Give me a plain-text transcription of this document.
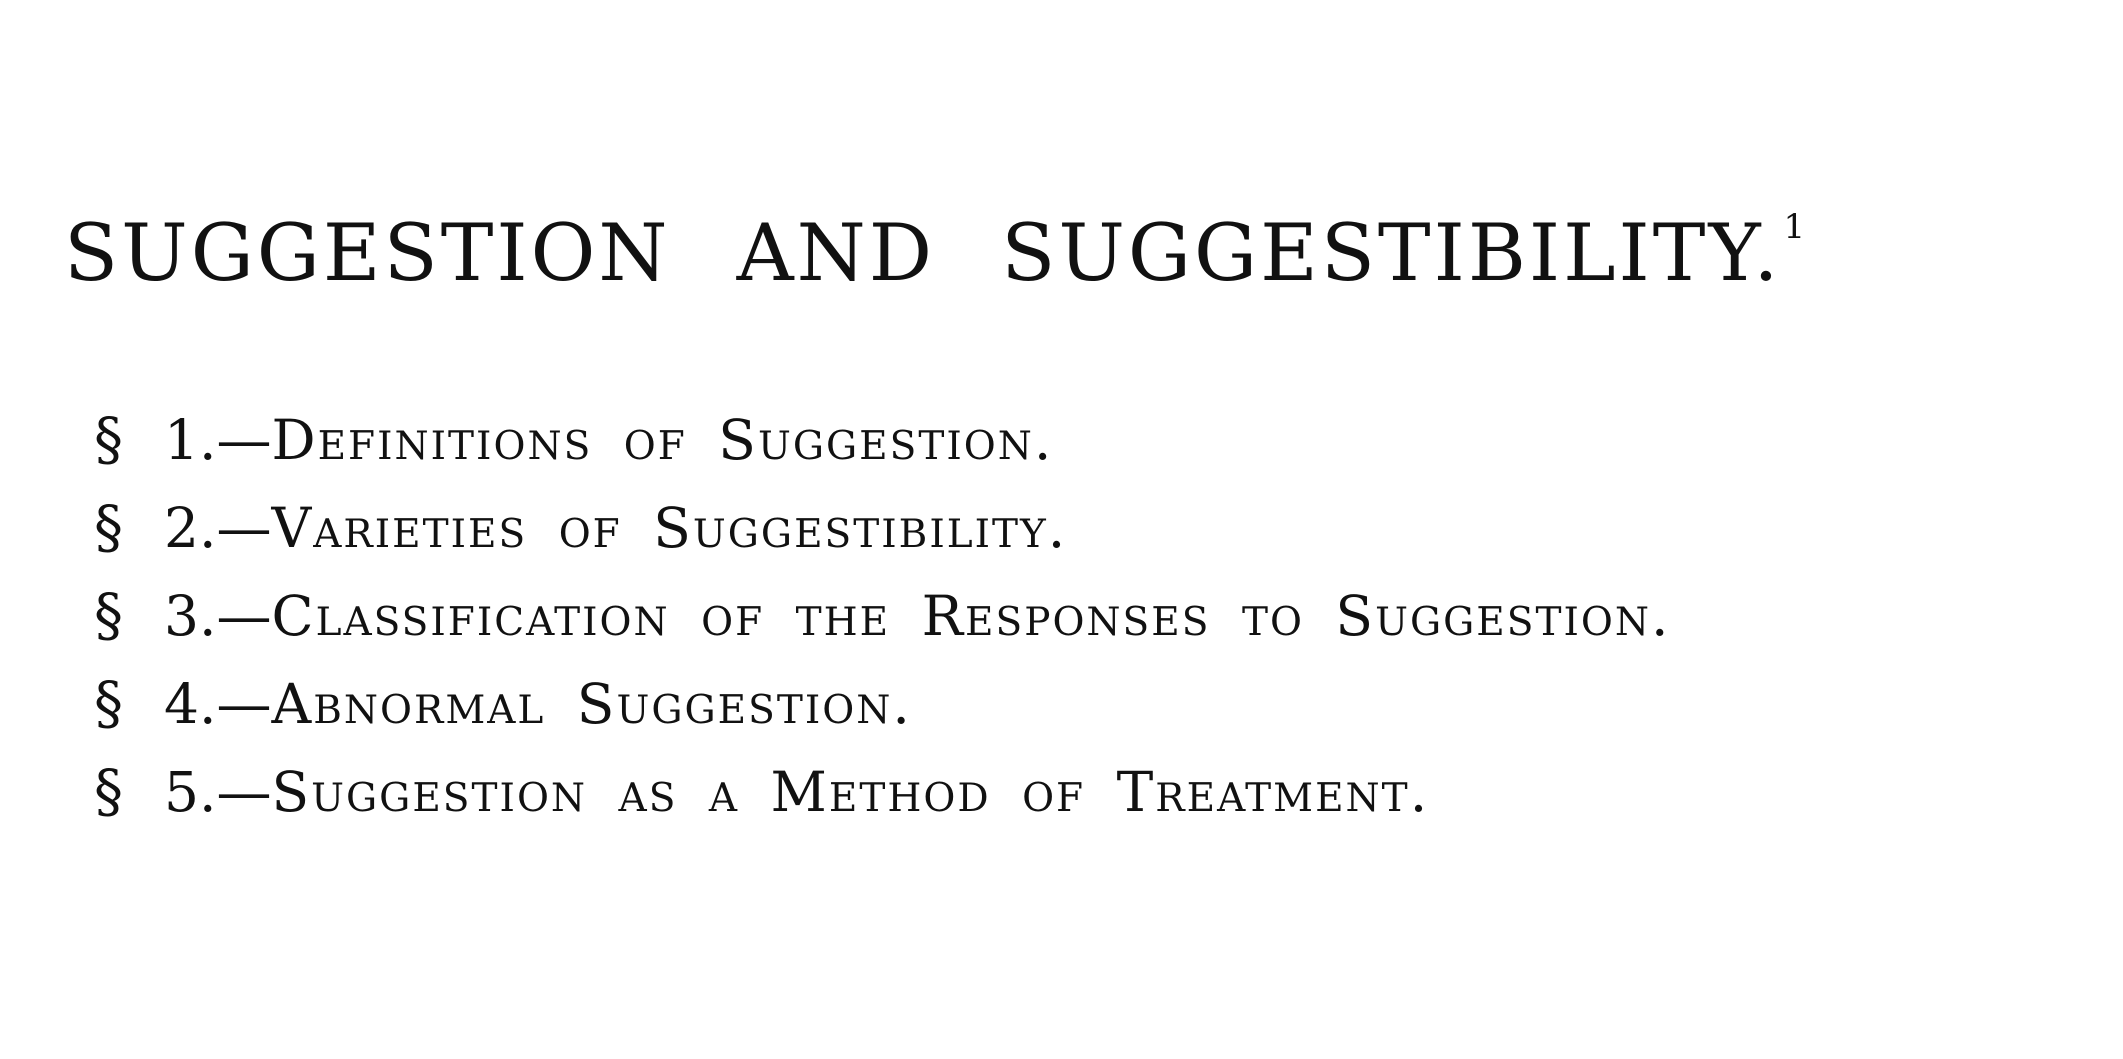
SUGGESTION AND SUGGESTIBILITY.$^1$
§ 1.—Definitions of Suggestion.
§ 2.—Varieties of Suggestibility.
§ 3.—Classification of the Responses to Suggestion.
§ 4.—Abnormal Suggestion.
§ 5.—Suggestion as a Method of Treatment.
